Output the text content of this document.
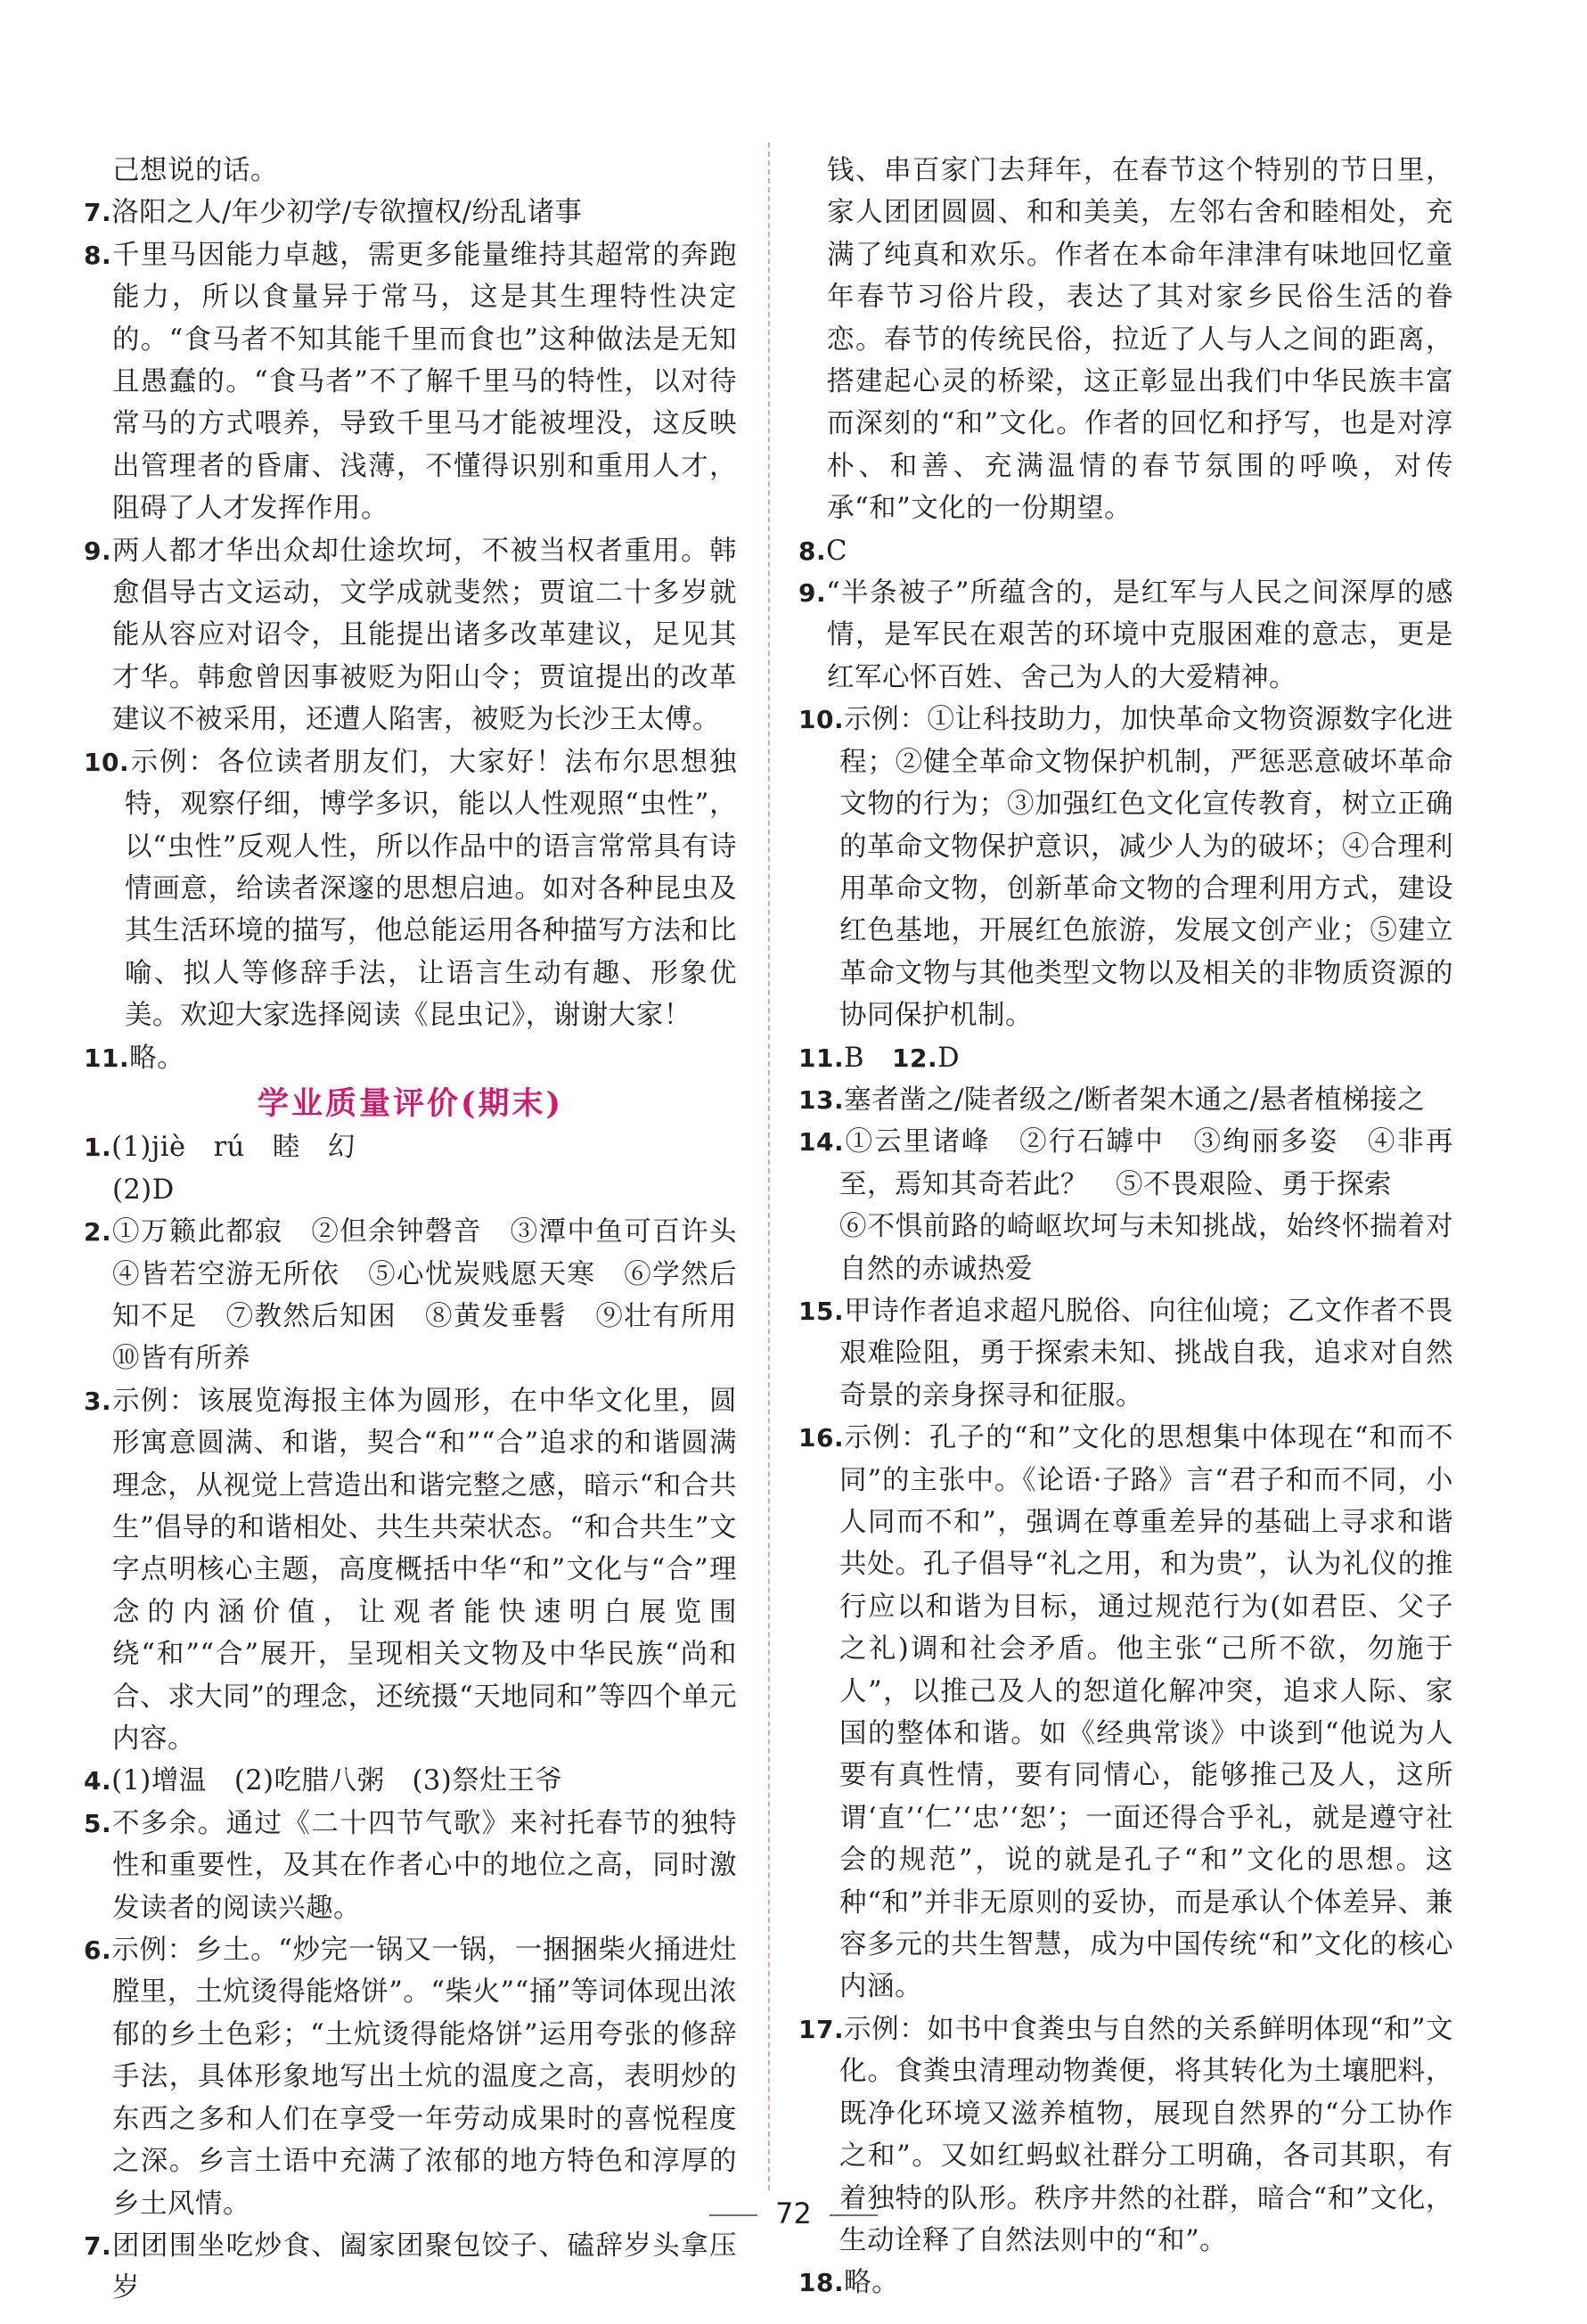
己想说的话。

7.洛阳之人/年少初学/专欲擅权/纷乱诸事

8.千里马因能力卓越，需更多能量维持其超常的奔跑能力，所以食量异于常马，这是其生理特性决定的。“食马者不知其能千里而食也”这种做法是无知且愚蠢的。“食马者”不了解千里马的特性，以对待常马的方式喂养，导致千里马才能被埋没，这反映出管理者的昏庸、浅薄，不懂得识别和重用人才，阻碍了人才发挥作用。

9.两人都才华出众却仕途坎坷，不被当权者重用。韩愈倡导古文运动，文学成就斐然；贾谊二十多岁就能从容应对诏令，且能提出诸多改革建议，足见其才华。韩愈曾因事被贬为阳山令；贾谊提出的改革建议不被采用，还遭人陷害，被贬为长沙王太傅。

10.示例：各位读者朋友们，大家好！法布尔思想独特，观察仔细，博学多识，能以人性观照“虫性”，以“虫性”反观人性，所以作品中的语言常常具有诗情画意，给读者深邃的思想启迪。如对各种昆虫及其生活环境的描写，他总能运用各种描写方法和比喻、拟人等修辞手法，让语言生动有趣、形象优美。欢迎大家选择阅读《昆虫记》，谢谢大家！

11.略。

学业质量评价(期末)

1.(1)jiè　rú　睦　幻

(2)D

2.①万籁此都寂　②但余钟磬音　③潭中鱼可百许头　④皆若空游无所依　⑤心忧炭贱愿天寒　⑥学然后知不足　⑦教然后知困　⑧黄发垂髫　⑨壮有所用　⑩皆有所养

3.示例：该展览海报主体为圆形，在中华文化里，圆形寓意圆满、和谐，契合“和”“合”追求的和谐圆满理念，从视觉上营造出和谐完整之感，暗示“和合共生”倡导的和谐相处、共生共荣状态。“和合共生”文字点明核心主题，高度概括中华“和”文化与“合”理念的内涵价值，让观者能快速明白展览围绕“和”“合”展开，呈现相关文物及中华民族“尚和合、求大同”的理念，还统摄“天地同和”等四个单元内容。

4.(1)增温　(2)吃腊八粥　(3)祭灶王爷

5.不多余。通过《二十四节气歌》来衬托春节的独特性和重要性，及其在作者心中的地位之高，同时激发读者的阅读兴趣。

6.示例：乡土。“炒完一锅又一锅，一捆捆柴火捅进灶膛里，土炕烫得能烙饼”。“柴火”“捅”等词体现出浓郁的乡土色彩；“土炕烫得能烙饼”运用夸张的修辞手法，具体形象地写出土炕的温度之高，表明炒的东西之多和人们在享受一年劳动成果时的喜悦程度之深。乡言土语中充满了浓郁的地方特色和淳厚的乡土风情。

7.团团围坐吃炒食、阖家团聚包饺子、磕辞岁头拿压岁

钱、串百家门去拜年，在春节这个特别的节日里，家人团团圆圆、和和美美，左邻右舍和睦相处，充满了纯真和欢乐。作者在本命年津津有味地回忆童年春节习俗片段，表达了其对家乡民俗生活的眷恋。春节的传统民俗，拉近了人与人之间的距离，搭建起心灵的桥梁，这正彰显出我们中华民族丰富而深刻的“和”文化。作者的回忆和抒写，也是对淳朴、和善、充满温情的春节氛围的呼唤，对传承“和”文化的一份期望。

8.C

9.“半条被子”所蕴含的，是红军与人民之间深厚的感情，是军民在艰苦的环境中克服困难的意志，更是红军心怀百姓、舍己为人的大爱精神。

10.示例：①让科技助力，加快革命文物资源数字化进程；②健全革命文物保护机制，严惩恶意破坏革命文物的行为；③加强红色文化宣传教育，树立正确的革命文物保护意识，减少人为的破坏；④合理利用革命文物，创新革命文物的合理利用方式，建设红色基地，开展红色旅游，发展文创产业；⑤建立革命文物与其他类型文物以及相关的非物质资源的协同保护机制。

11.B  12.D

13.塞者凿之/陡者级之/断者架木通之/悬者植梯接之

14.①云里诸峰　②行石罅中　③绚丽多姿　④非再至，焉知其奇若此？　⑤不畏艰险、勇于探索

⑥不惧前路的崎岖坎坷与未知挑战，始终怀揣着对自然的赤诚热爱

15.甲诗作者追求超凡脱俗、向往仙境；乙文作者不畏艰难险阻，勇于探索未知、挑战自我，追求对自然奇景的亲身探寻和征服。

16.示例：孔子的“和”文化的思想集中体现在“和而不同”的主张中。《论语·子路》言“君子和而不同，小人同而不和”，强调在尊重差异的基础上寻求和谐共处。孔子倡导“礼之用，和为贵”，认为礼仪的推行应以和谐为目标，通过规范行为(如君臣、父子之礼)调和社会矛盾。他主张“己所不欲，勿施于人”，以推己及人的恕道化解冲突，追求人际、家国的整体和谐。如《经典常谈》中谈到“他说为人要有真性情，要有同情心，能够推己及人，这所谓‘直’‘仁’‘忠’‘恕’；一面还得合乎礼，就是遵守社会的规范”，说的就是孔子“和”文化的思想。这种“和”并非无原则的妥协，而是承认个体差异、兼容多元的共生智慧，成为中国传统“和”文化的核心内涵。

17.示例：如书中食粪虫与自然的关系鲜明体现“和”文化。食粪虫清理动物粪便，将其转化为土壤肥料，既净化环境又滋养植物，展现自然界的“分工协作之和”。又如红蚂蚁社群分工明确，各司其职，有着独特的队形。秩序井然的社群，暗合“和”文化，生动诠释了自然法则中的“和”。

18.略。

72
